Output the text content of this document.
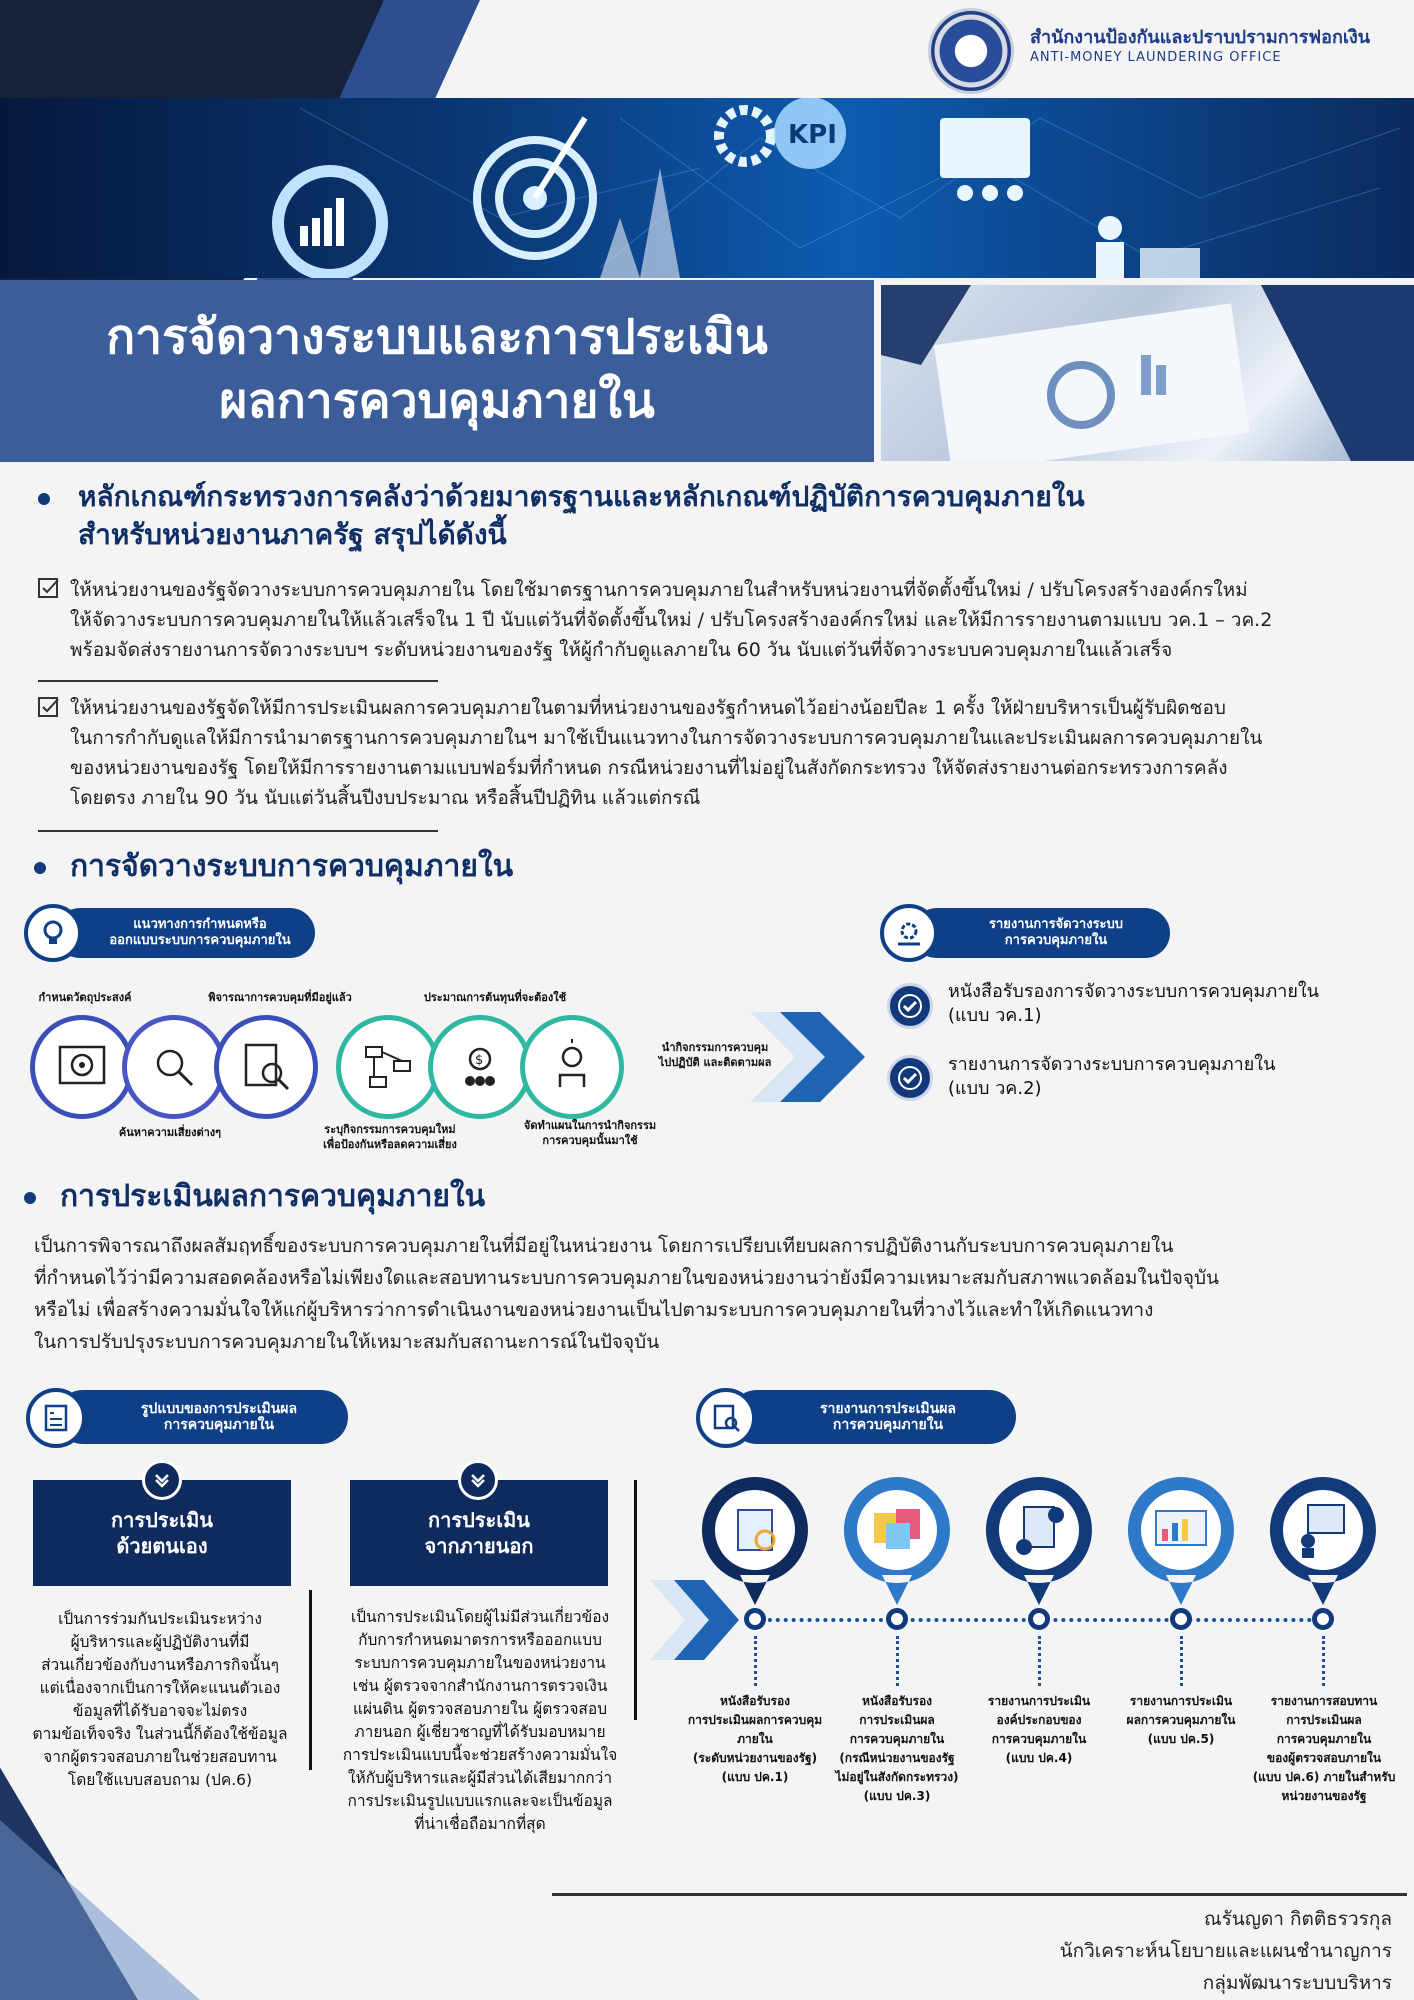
สำนักงานป้องกันและปราบปรามการฟอกเงิน
ANTI-MONEY LAUNDERING OFFICE
KPI
การจัดวางระบบและการประเมิน
ผลการควบคุมภายใน
หลักเกณฑ์กระทรวงการคลังว่าด้วยมาตรฐานและหลักเกณฑ์ปฏิบัติการควบคุมภายใน
สำหรับหน่วยงานภาครัฐ สรุปได้ดังนี้
ให้หน่วยงานของรัฐจัดวางระบบการควบคุมภายใน โดยใช้มาตรฐานการควบคุมภายในสำหรับหน่วยงานที่จัดตั้งขึ้นใหม่ / ปรับโครงสร้างองค์กรใหม่
ให้จัดวางระบบการควบคุมภายในให้แล้วเสร็จใน 1 ปี นับแต่วันที่จัดตั้งขึ้นใหม่ / ปรับโครงสร้างองค์กรใหม่ และให้มีการรายงานตามแบบ วค.1 – วค.2
พร้อมจัดส่งรายงานการจัดวางระบบฯ ระดับหน่วยงานของรัฐ ให้ผู้กำกับดูแลภายใน 60 วัน นับแต่วันที่จัดวางระบบควบคุมภายในแล้วเสร็จ
ให้หน่วยงานของรัฐจัดให้มีการประเมินผลการควบคุมภายในตามที่หน่วยงานของรัฐกำหนดไว้อย่างน้อยปีละ 1 ครั้ง ให้ฝ่ายบริหารเป็นผู้รับผิดชอบ
ในการกำกับดูแลให้มีการนำมาตรฐานการควบคุมภายในฯ มาใช้เป็นแนวทางในการจัดวางระบบการควบคุมภายในและประเมินผลการควบคุมภายใน
ของหน่วยงานของรัฐ โดยให้มีการรายงานตามแบบฟอร์มที่กำหนด กรณีหน่วยงานที่ไม่อยู่ในสังกัดกระทรวง ให้จัดส่งรายงานต่อกระทรวงการคลัง
โดยตรง ภายใน 90 วัน นับแต่วันสิ้นปีงบประมาณ หรือสิ้นปีปฏิทิน แล้วแต่กรณี
การจัดวางระบบการควบคุมภายใน
แนวทางการกำหนดหรือ
ออกแบบระบบการควบคุมภายใน
กำหนดวัตถุประสงค์	พิจารณาการควบคุมที่มีอยู่แล้ว	ประมาณการต้นทุนที่จะต้องใช้
$
ค้นหาความเสี่ยงต่างๆ	ระบุกิจกรรมการควบคุมใหม่
เพื่อป้องกันหรือลดความเสี่ยง
จัดทำแผนในการนำกิจกรรม
การควบคุมนั้นมาใช้
นำกิจกรรมการควบคุม
ไปปฏิบัติ และติดตามผล
รายงานการจัดวางระบบ
การควบคุมภายใน
หนังสือรับรองการจัดวางระบบการควบคุมภายใน
(แบบ วค.1)
รายงานการจัดวางระบบการควบคุมภายใน
(แบบ วค.2)
การประเมินผลการควบคุมภายใน
เป็นการพิจารณาถึงผลสัมฤทธิ์ของระบบการควบคุมภายในที่มีอยู่ในหน่วยงาน โดยการเปรียบเทียบผลการปฏิบัติงานกับระบบการควบคุมภายใน
ที่กำหนดไว้ว่ามีความสอดคล้องหรือไม่เพียงใดและสอบทานระบบการควบคุมภายในของหน่วยงานว่ายังมีความเหมาะสมกับสภาพแวดล้อมในปัจจุบัน
หรือไม่ เพื่อสร้างความมั่นใจให้แก่ผู้บริหารว่าการดำเนินงานของหน่วยงานเป็นไปตามระบบการควบคุมภายในที่วางไว้และทำให้เกิดแนวทาง
ในการปรับปรุงระบบการควบคุมภายในให้เหมาะสมกับสถานะการณ์ในปัจจุบัน
รูปแบบของการประเมินผล
การควบคุมภายใน
การประเมิน
ด้วยตนเอง
เป็นการร่วมกันประเมินระหว่าง
ผู้บริหารและผู้ปฏิบัติงานที่มี
ส่วนเกี่ยวข้องกับงานหรือภารกิจนั้นๆ
แต่เนื่องจากเป็นการให้คะแนนตัวเอง
ข้อมูลที่ได้รับอาจจะไม่ตรง
ตามข้อเท็จจริง ในส่วนนี้ก็ต้องใช้ข้อมูล
จากผู้ตรวจสอบภายในช่วยสอบทาน
โดยใช้แบบสอบถาม (ปค.6)
การประเมิน
จากภายนอก
เป็นการประเมินโดยผู้ไม่มีส่วนเกี่ยวข้อง
กับการกำหนดมาตรการหรือออกแบบ
ระบบการควบคุมภายในของหน่วยงาน
เช่น ผู้ตรวจจากสำนักงานการตรวจเงิน
แผ่นดิน ผู้ตรวจสอบภายใน ผู้ตรวจสอบ
ภายนอก ผู้เชี่ยวชาญที่ได้รับมอบหมาย
การประเมินแบบนี้จะช่วยสร้างความมั่นใจ
ให้กับผู้บริหารและผู้มีส่วนได้เสียมากกว่า
การประเมินรูปแบบแรกและจะเป็นข้อมูล
ที่น่าเชื่อถือมากที่สุด
รายงานการประเมินผล
การควบคุมภายใน
หนังสือรับรอง
การประเมินผลการควบคุม
ภายใน
(ระดับหน่วยงานของรัฐ)
(แบบ ปค.1)
หนังสือรับรอง
การประเมินผล
การควบคุมภายใน
(กรณีหน่วยงานของรัฐ
ไม่อยู่ในสังกัดกระทรวง)
(แบบ ปค.3)
รายงานการประเมิน
องค์ประกอบของ
การควบคุมภายใน
(แบบ ปค.4)
รายงานการประเมิน
ผลการควบคุมภายใน
(แบบ ปค.5)
รายงานการสอบทาน
การประเมินผล
การควบคุมภายใน
ของผู้ตรวจสอบภายใน
(แบบ ปค.6) ภายในสำหรับ
หน่วยงานของรัฐ
ณรันญดา กิตติธรวรกุล
นักวิเคราะห์นโยบายและแผนชำนาญการ
กลุ่มพัฒนาระบบบริหาร
